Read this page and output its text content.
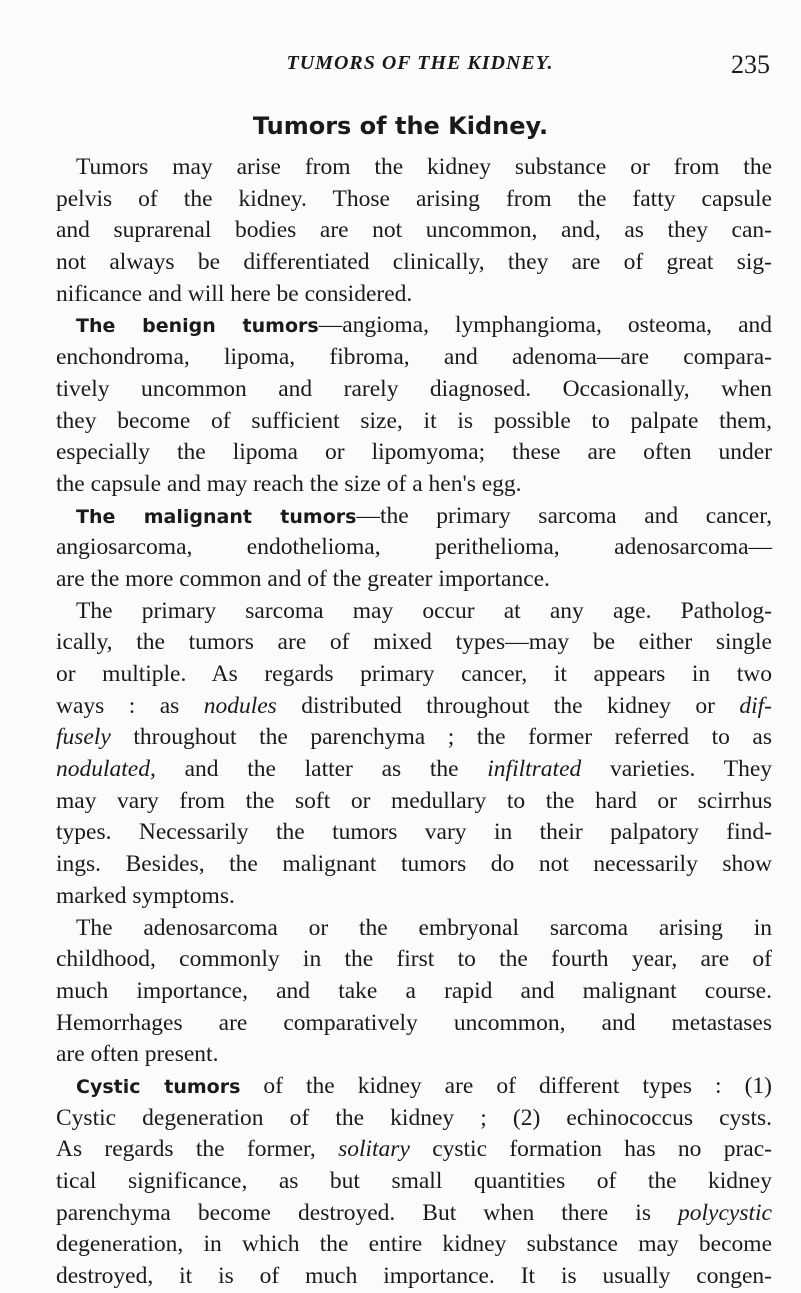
TUMORS OF THE KIDNEY.	235
Tumors of the Kidney.
Tumors may arise from the kidney substance or from the
pelvis of the kidney. Those arising from the fatty capsule
and suprarenal bodies are not uncommon, and, as they can-
not always be differentiated clinically, they are of great sig-
nificance and will here be considered.
The benign tumors—angioma, lymphangioma, osteoma, and
enchondroma, lipoma, fibroma, and adenoma—are compara-
tively uncommon and rarely diagnosed. Occasionally, when
they become of sufficient size, it is possible to palpate them,
especially the lipoma or lipomyoma; these are often under
the capsule and may reach the size of a hen's egg.
The malignant tumors—the primary sarcoma and cancer,
angiosarcoma, endothelioma, perithelioma, adenosarcoma—
are the more common and of the greater importance.
The primary sarcoma may occur at any age. Patholog-
ically, the tumors are of mixed types—may be either single
or multiple. As regards primary cancer, it appears in two
ways : as nodules distributed throughout the kidney or dif-
fusely throughout the parenchyma ; the former referred to as
nodulated, and the latter as the infiltrated varieties. They
may vary from the soft or medullary to the hard or scirrhus
types. Necessarily the tumors vary in their palpatory find-
ings. Besides, the malignant tumors do not necessarily show
marked symptoms.
The adenosarcoma or the embryonal sarcoma arising in
childhood, commonly in the first to the fourth year, are of
much importance, and take a rapid and malignant course.
Hemorrhages are comparatively uncommon, and metastases
are often present.
Cystic tumors of the kidney are of different types : (1)
Cystic degeneration of the kidney ; (2) echinococcus cysts.
As regards the former, solitary cystic formation has no prac-
tical significance, as but small quantities of the kidney
parenchyma become destroyed. But when there is polycystic
degeneration, in which the entire kidney substance may become
destroyed, it is of much importance. It is usually congen-
